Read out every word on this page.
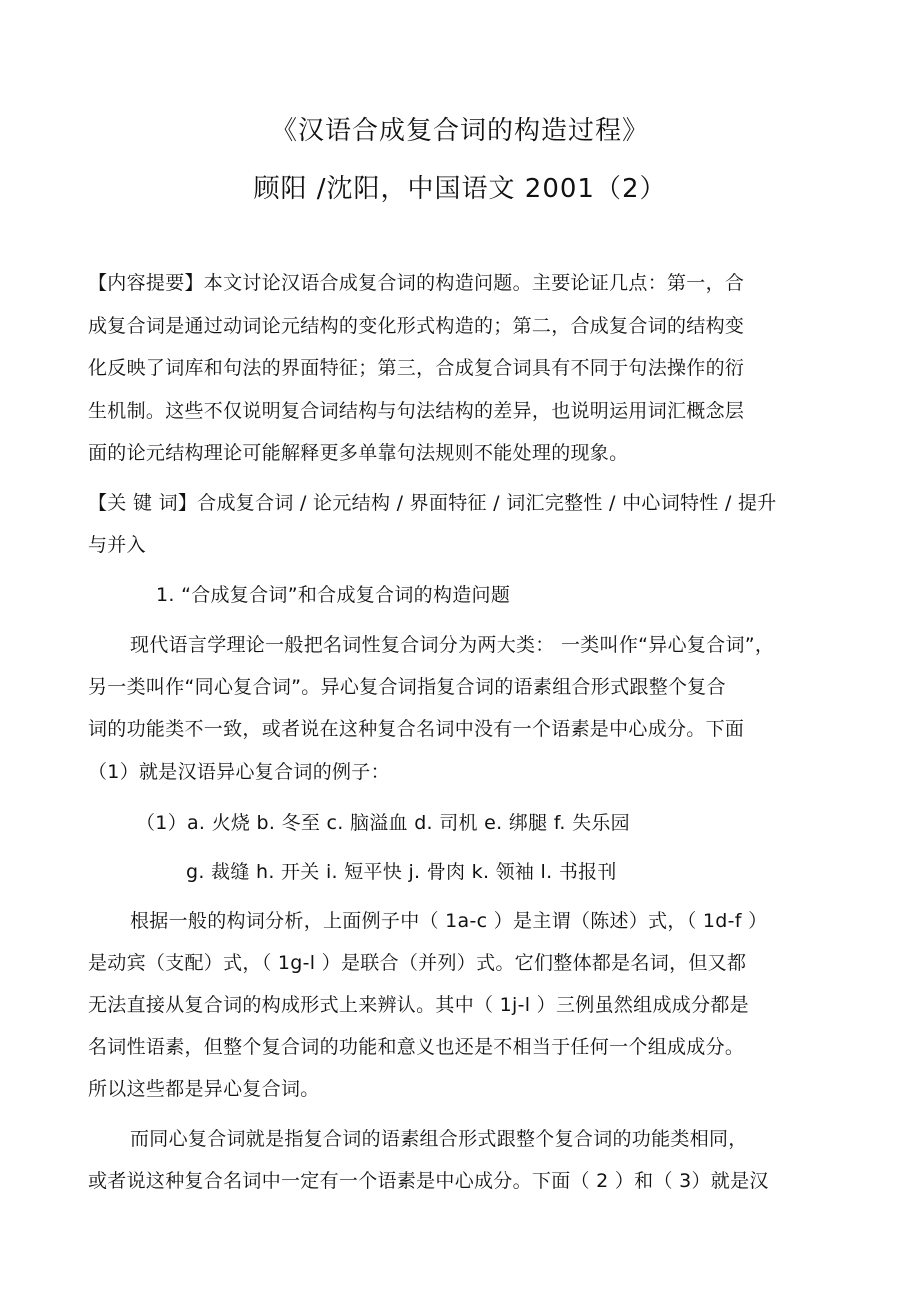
《汉语合成复合词的构造过程》
顾阳 /沈阳，中国语文 2001（2）
【内容提要】本文讨论汉语合成复合词的构造问题。主要论证几点：第一，合
成复合词是通过动词论元结构的变化形式构造的；第二，合成复合词的结构变
化反映了词库和句法的界面特征；第三，合成复合词具有不同于句法操作的衍
生机制。这些不仅说明复合词结构与句法结构的差异，也说明运用词汇概念层
面的论元结构理论可能解释更多单靠句法规则不能处理的现象。
【关 键 词】合成复合词 / 论元结构 / 界面特征 / 词汇完整性 / 中心词特性 / 提升
与并入
1. “合成复合词”和合成复合词的构造问题
现代语言学理论一般把名词性复合词分为两大类： 一类叫作“异心复合词”，
另一类叫作“同心复合词”。异心复合词指复合词的语素组合形式跟整个复合
词的功能类不一致，或者说在这种复合名词中没有一个语素是中心成分。下面
（1）就是汉语异心复合词的例子：
（1）a. 火烧 b. 冬至 c. 脑溢血 d. 司机 e. 绑腿 f. 失乐园
g. 裁缝 h. 开关 i. 短平快 j. 骨肉 k. 领袖 l. 书报刊
根据一般的构词分析，上面例子中（ 1a-c ）是主谓（陈述）式，（ 1d-f ）
是动宾（支配）式，（ 1g-l ）是联合（并列）式。它们整体都是名词，但又都
无法直接从复合词的构成形式上来辨认。其中（ 1j-l ）三例虽然组成成分都是
名词性语素，但整个复合词的功能和意义也还是不相当于任何一个组成成分。
所以这些都是异心复合词。
而同心复合词就是指复合词的语素组合形式跟整个复合词的功能类相同，
或者说这种复合名词中一定有一个语素是中心成分。下面（ 2 ）和（ 3）就是汉
